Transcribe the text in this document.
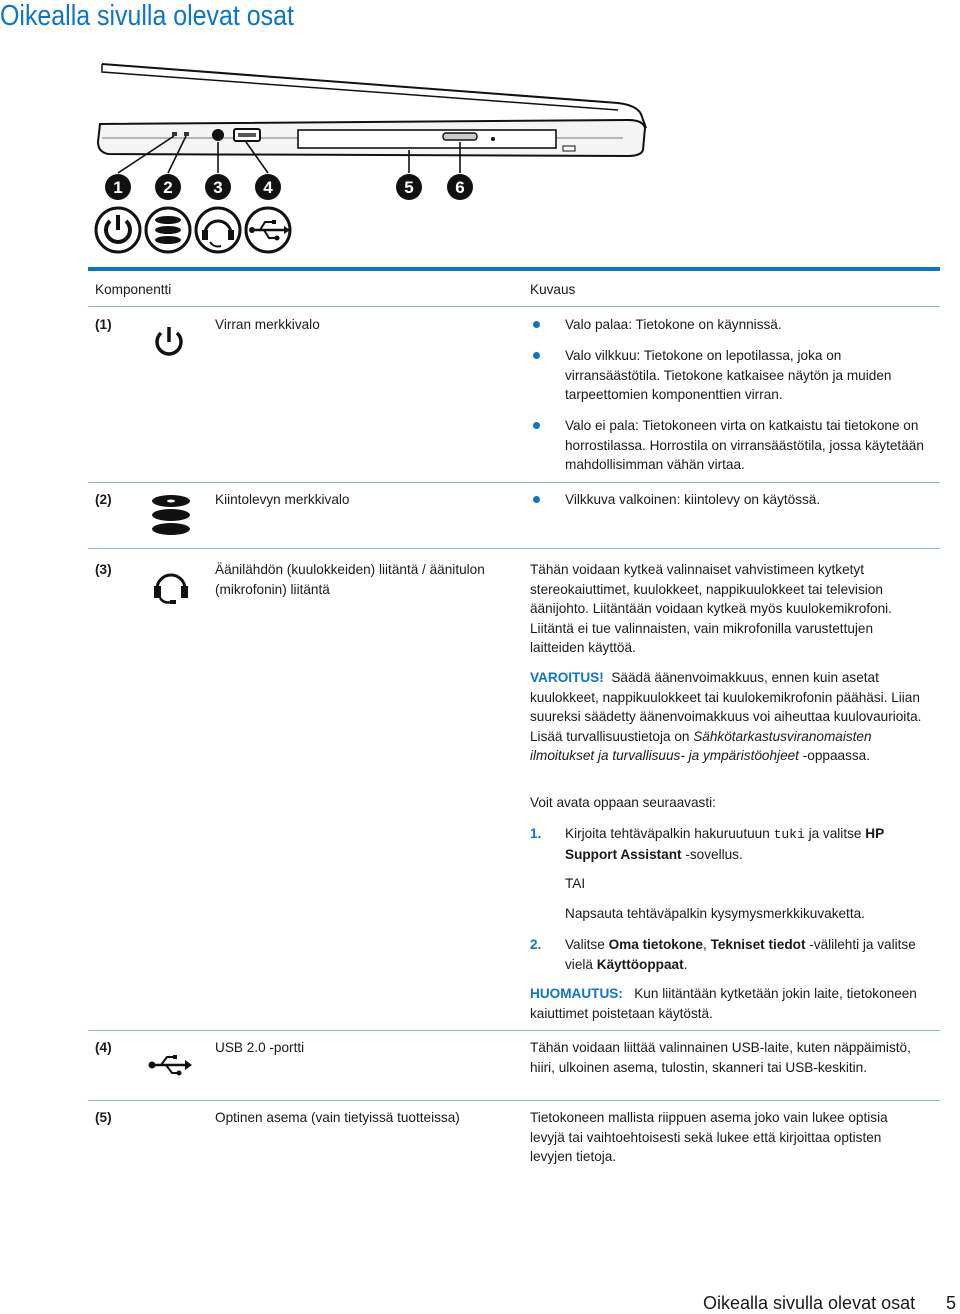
Oikealla sivulla olevat osat
1 2 3 4	5 6

Komponentti	Kuvaus

(1)	Virran merkkivalo	Valo palaa: Tietokone on käynnissä.

Valo vilkkuu: Tietokone on lepotilassa, joka on virransäästötila. Tietokone katkaisee näytön ja muiden tarpeettomien komponenttien virran.

Valo ei pala: Tietokoneen virta on katkaistu tai tietokone on horrostilassa. Horrostila on virransäästötila, jossa käytetään mahdollisimman vähän virtaa.

(2)	Kiintolevyn merkkivalo	Vilkkuva valkoinen: kiintolevy on käytössä.

(3)	Äänilähdön (kuulokkeiden) liitäntä / äänitulon (mikrofonin) liitäntä

Tähän voidaan kytkeä valinnaiset vahvistimeen kytketyt stereokaiuttimet, kuulokkeet, nappikuulokkeet tai television äänijohto. Liitäntään voidaan kytkeä myös kuulokemikrofoni. Liitäntä ei tue valinnaisten, vain mikrofonilla varustettujen laitteiden käyttöä.

VAROITUS! Säädä äänenvoimakkuus, ennen kuin asetat kuulokkeet, nappikuulokkeet tai kuulokemikrofonin päähäsi. Liian suureksi säädetty äänenvoimakkuus voi aiheuttaa kuulovaurioita. Lisää turvallisuustietoja on Sähkötarkastusviranomaisten ilmoitukset ja turvallisuus- ja ympäristöohjeet -oppaassa.

Voit avata oppaan seuraavasti:

1. Kirjoita tehtäväpalkin hakuruutuun tuki ja valitse HP Support Assistant -sovellus.

TAI

Napsauta tehtäväpalkin kysymysmerkkikuvaketta.

2. Valitse Oma tietokone, Tekniset tiedot -välilehti ja valitse vielä Käyttöoppaat.

HUOMAUTUS: Kun liitäntään kytketään jokin laite, tietokoneen kaiuttimet poistetaan käytöstä.

(4)	USB 2.0 -portti	Tähän voidaan liittää valinnainen USB-laite, kuten näppäimistö, hiiri, ulkoinen asema, tulostin, skanneri tai USB-keskitin.

(5)	Optinen asema (vain tietyissä tuotteissa)	Tietokoneen mallista riippuen asema joko vain lukee optisia levyjä tai vaihtoehtoisesti sekä lukee että kirjoittaa optisten levyjen tietoja.

Oikealla sivulla olevat osat 5
